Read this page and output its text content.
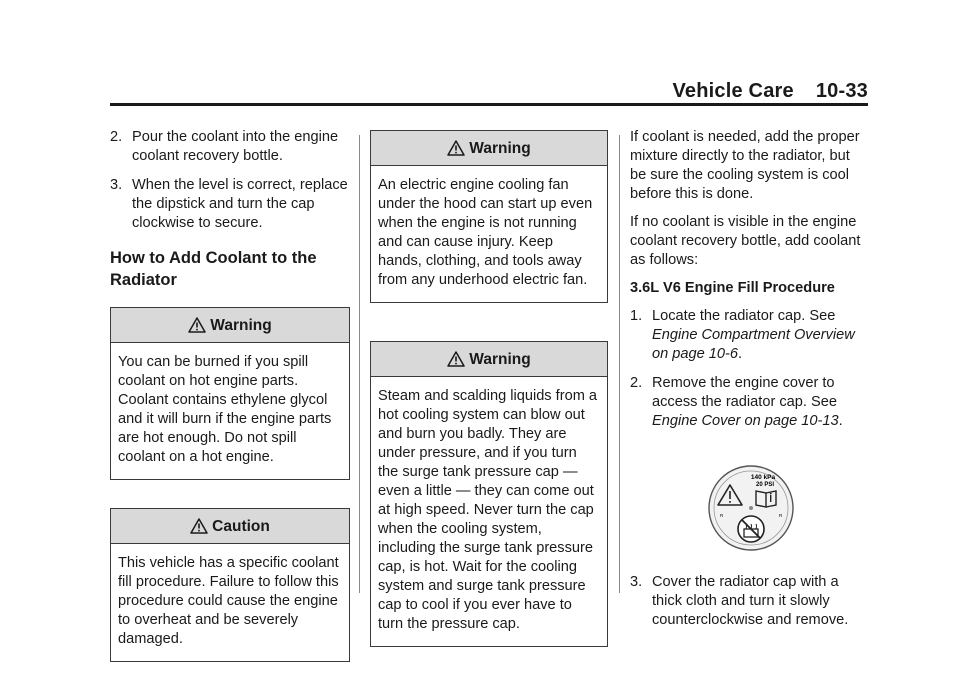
Vehicle Care 10-33
2. Pour the coolant into the engine coolant recovery bottle.
3. When the level is correct, replace the dipstick and turn the cap clockwise to secure.
How to Add Coolant to the Radiator
Warning
You can be burned if you spill coolant on hot engine parts. Coolant contains ethylene glycol and it will burn if the engine parts are hot enough. Do not spill coolant on a hot engine.
Caution
This vehicle has a specific coolant fill procedure. Failure to follow this procedure could cause the engine to overheat and be severely damaged.
Warning
An electric engine cooling fan under the hood can start up even when the engine is not running and can cause injury. Keep hands, clothing, and tools away from any underhood electric fan.
Warning
Steam and scalding liquids from a hot cooling system can blow out and burn you badly. They are under pressure, and if you turn the surge tank pressure cap — even a little — they can come out at high speed. Never turn the cap when the cooling system, including the surge tank pressure cap, is hot. Wait for the cooling system and surge tank pressure cap to cool if you ever have to turn the pressure cap.

If coolant is needed, add the proper mixture directly to the radiator, but be sure the cooling system is cool before this is done.

If no coolant is visible in the engine coolant recovery bottle, add coolant as follows:

3.6L V6 Engine Fill Procedure
1. Locate the radiator cap. See
Engine Compartment Overview on page 10-6.
2. Remove the engine cover to access the radiator cap. See
Engine Cover on page 10-13.
140 kPa
20 PSI
R	R
3. Cover the radiator cap with a thick cloth and turn it slowly counterclockwise and remove.
